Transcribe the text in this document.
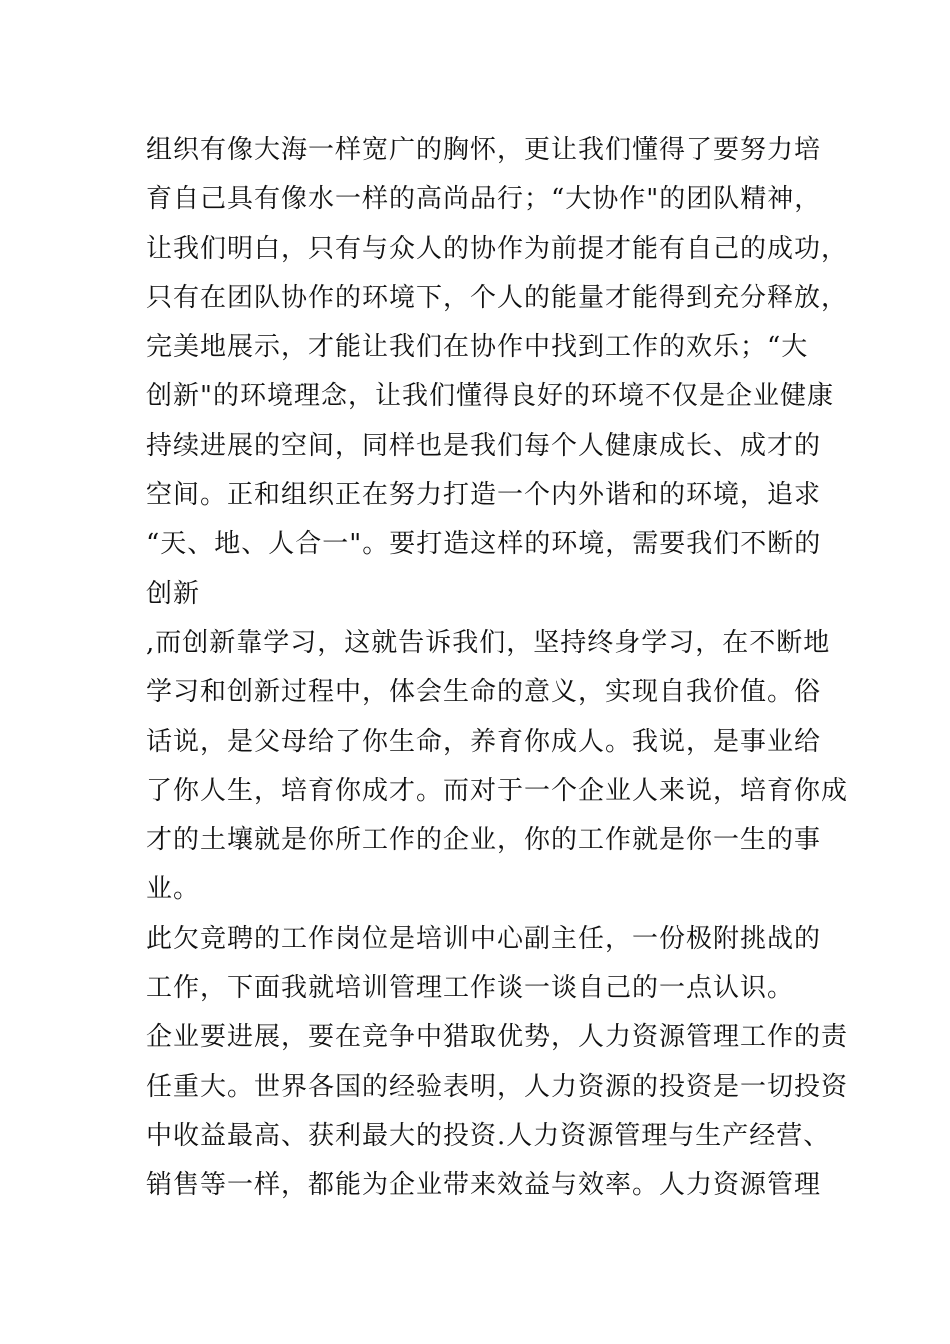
组织有像大海一样宽广的胸怀，更让我们懂得了要努力培
育自己具有像水一样的高尚品行；“大协作"的团队精神，
让我们明白，只有与众人的协作为前提才能有自己的成功，
只有在团队协作的环境下，个人的能量才能得到充分释放，
完美地展示，才能让我们在协作中找到工作的欢乐；“大
创新"的环境理念，让我们懂得良好的环境不仅是企业健康
持续进展的空间，同样也是我们每个人健康成长、成才的
空间。正和组织正在努力打造一个内外谐和的环境，追求
“天、地、人合一"。要打造这样的环境，需要我们不断的
创新
,而创新靠学习，这就告诉我们，坚持终身学习，在不断地
学习和创新过程中，体会生命的意义，实现自我价值。俗
话说，是父母给了你生命，养育你成人。我说，是事业给
了你人生，培育你成才。而对于一个企业人来说，培育你成
才的土壤就是你所工作的企业，你的工作就是你一生的事
业。
此欠竞聘的工作岗位是培训中心副主任，一份极附挑战的
工作，下面我就培训管理工作谈一谈自己的一点认识。
企业要进展，要在竞争中猎取优势，人力资源管理工作的责
任重大。世界各国的经验表明，人力资源的投资是一切投资
中收益最高、获利最大的投资.人力资源管理与生产经营、
销售等一样，都能为企业带来效益与效率。人力资源管理
